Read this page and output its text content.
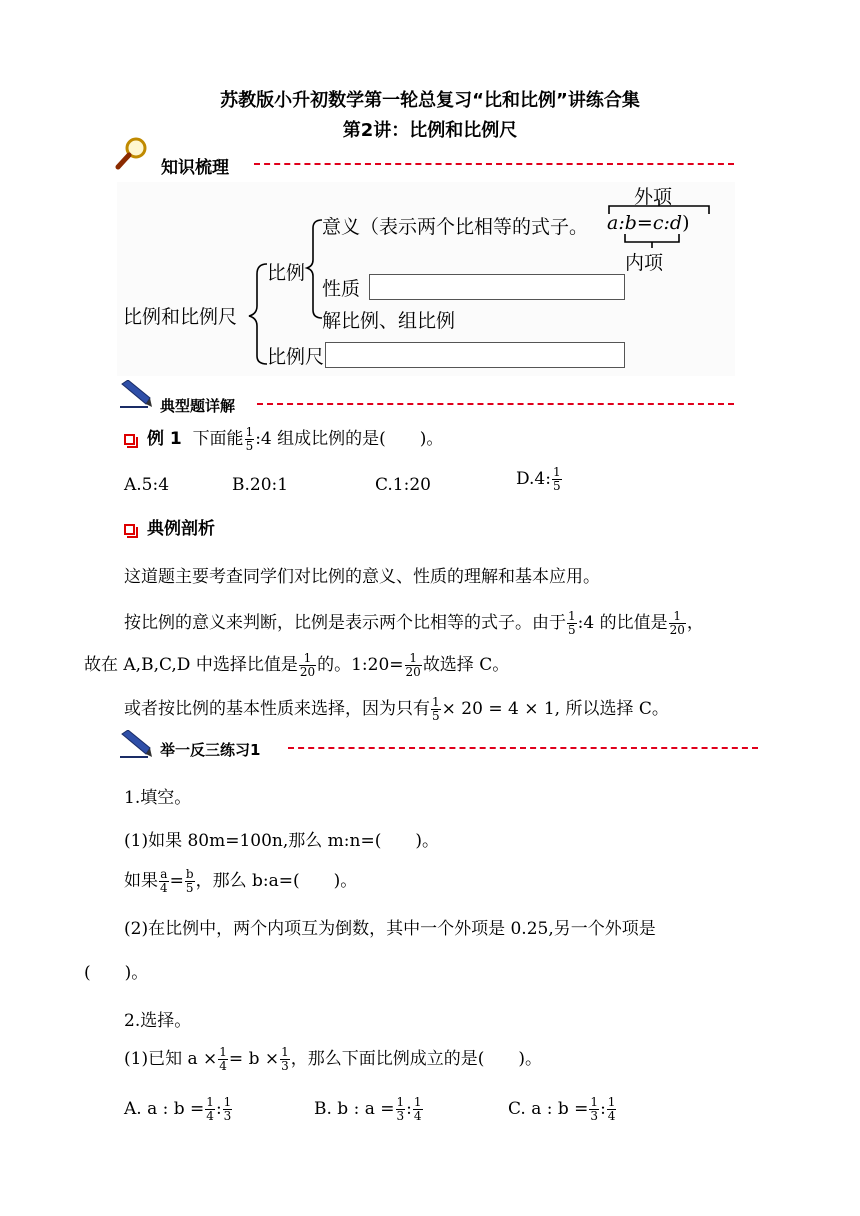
苏教版小升初数学第一轮总复习“比和比例”讲练合集
第2讲：比例和比例尺
知识梳理
比例和比例尺
比例
比例尺
意义（表示两个比相等的式子。
外项
内项
a:b=c:d)
性质
解比例、组比例
典型题详解
例 1 下面能 $\frac{1}{5}$ :4 组成比例的是(　　)。
A.5:4	B.20:1	C.1:20	D.4: $\frac{1}{5}$
典例剖析
这道题主要考查同学们对比例的意义、性质的理解和基本应用。
按比例的意义来判断，比例是表示两个比相等的式子。由于 $\frac{1}{5}$ :4 的比值是 $\frac{1}{20}$ ，
故在 A,B,C,D 中选择比值是 $\frac{1}{20}$ 的。1:20= $\frac{1}{20}$ 故选择 C。
或者按比例的基本性质来选择，因为只有 $\frac{1}{5} \times 20 = 4 \times 1$, 所以选择 C。
举一反三练习1
1.填空。
(1)如果 80m=100n,那么 m:n=(　　)。
如果 $\frac{a}{4} = \frac{b}{5}$ ，那么 b:a=(　　)。
(2)在比例中，两个内项互为倒数，其中一个外项是 0.25,另一个外项是
(　　)。
2.选择。
(1)已知 $a \times \frac{1}{4} = b \times \frac{1}{3}$ ，那么下面比例成立的是(　　)。
A. a : $b = \frac{1}{4}$ : $\frac{1}{3}$	B. b : $a = \frac{1}{3}$ : $\frac{1}{4}$	C. a : $b = \frac{1}{3}$ : $\frac{1}{4}$
